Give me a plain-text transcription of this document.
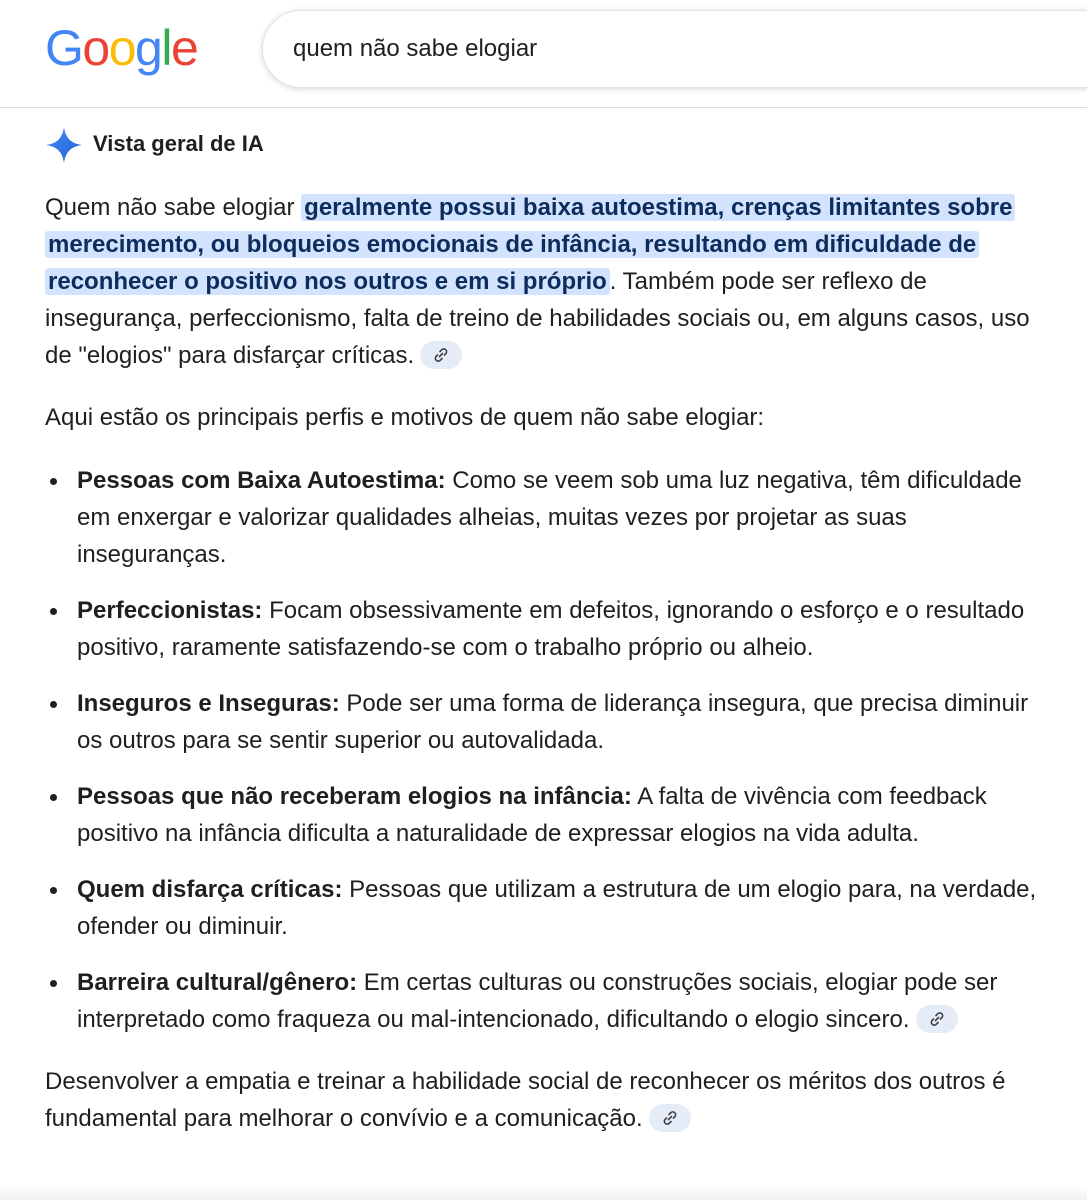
Google
quem não sabe elogiar
Vista geral de IA

Quem não sabe elogiar geralmente possui baixa autoestima, crenças limitantes sobre merecimento, ou bloqueios emocionais de infância, resultando em dificuldade de reconhecer o positivo nos outros e em si próprio . Também pode ser reflexo de insegurança, perfeccionismo, falta de treino de habilidades sociais ou, em alguns casos, uso de "elogios" para disfarçar críticas.

Aqui estão os principais perfis e motivos de quem não sabe elogiar:

Pessoas com Baixa Autoestima: Como se veem sob uma luz negativa, têm dificuldade em enxergar e valorizar qualidades alheias, muitas vezes por projetar as suas inseguranças.
Perfeccionistas: Focam obsessivamente em defeitos, ignorando o esforço e o resultado positivo, raramente satisfazendo-se com o trabalho próprio ou alheio.
Inseguros e Inseguras: Pode ser uma forma de liderança insegura, que precisa diminuir os outros para se sentir superior ou autovalidada.
Pessoas que não receberam elogios na infância: A falta de vivência com feedback positivo na infância dificulta a naturalidade de expressar elogios na vida adulta.
Quem disfarça críticas: Pessoas que utilizam a estrutura de um elogio para, na verdade, ofender ou diminuir.
Barreira cultural/gênero: Em certas culturas ou construções sociais, elogiar pode ser interpretado como fraqueza ou mal-intencionado, dificultando o elogio sincero.

Desenvolver a empatia e treinar a habilidade social de reconhecer os méritos dos outros é fundamental para melhorar o convívio e a comunicação.
